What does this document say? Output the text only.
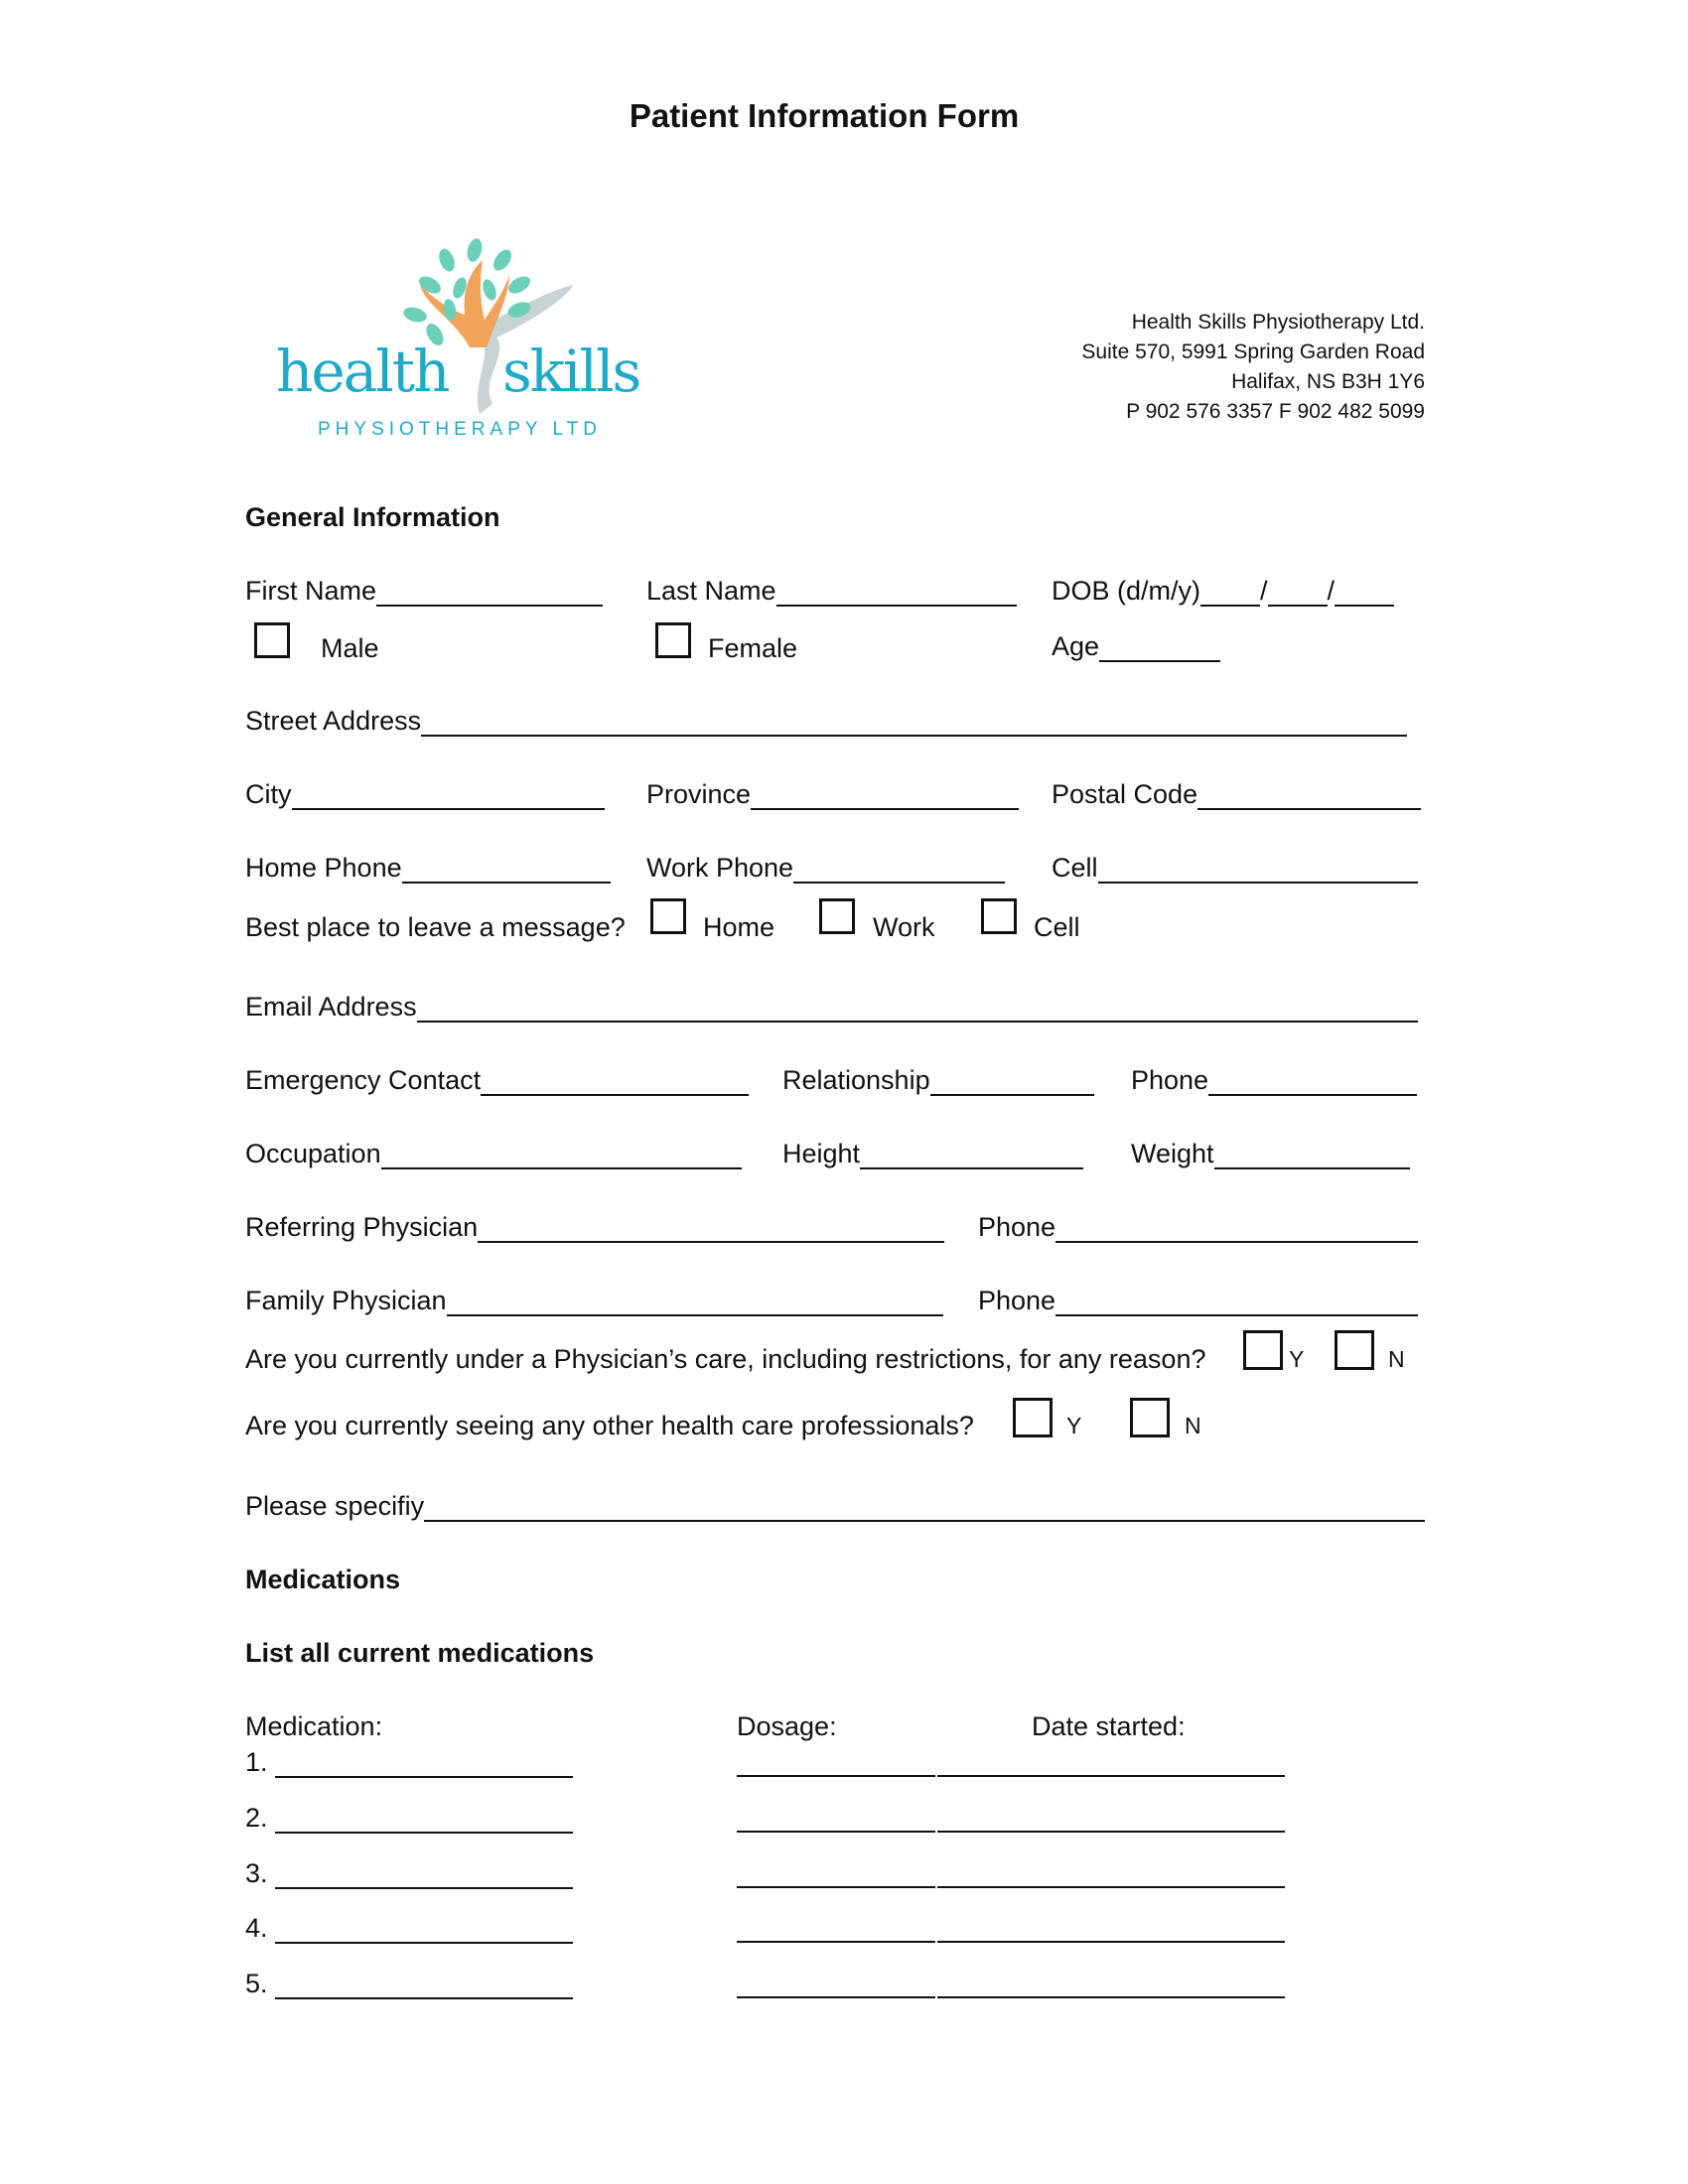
Patient Information Form
health skills
PHYSIOTHERAPY LTD
Health Skills Physiotherapy Ltd.
Suite 570, 5991 Spring Garden Road
Halifax, NS B3H 1Y6
P 902 576 3357 F 902 482 5099
General Information
First Name	Last Name	DOB (d/m/y) / /
Male	Female	Age
Street Address
City	Province	Postal Code
Home Phone	Work Phone	Cell
Best place to leave a message?	Home	Work	Cell
Email Address
Emergency Contact	Relationship	Phone
Occupation	Height	Weight
Referring Physician	Phone
Family Physician	Phone
Are you currently under a Physician’s care, including restrictions, for any reason?	Y	N
Are you currently seeing any other health care professionals?	Y	N
Please specifiy
Medications
List all current medications
Medication:	Dosage:	Date started:
1.
2.
3.
4.
5.
